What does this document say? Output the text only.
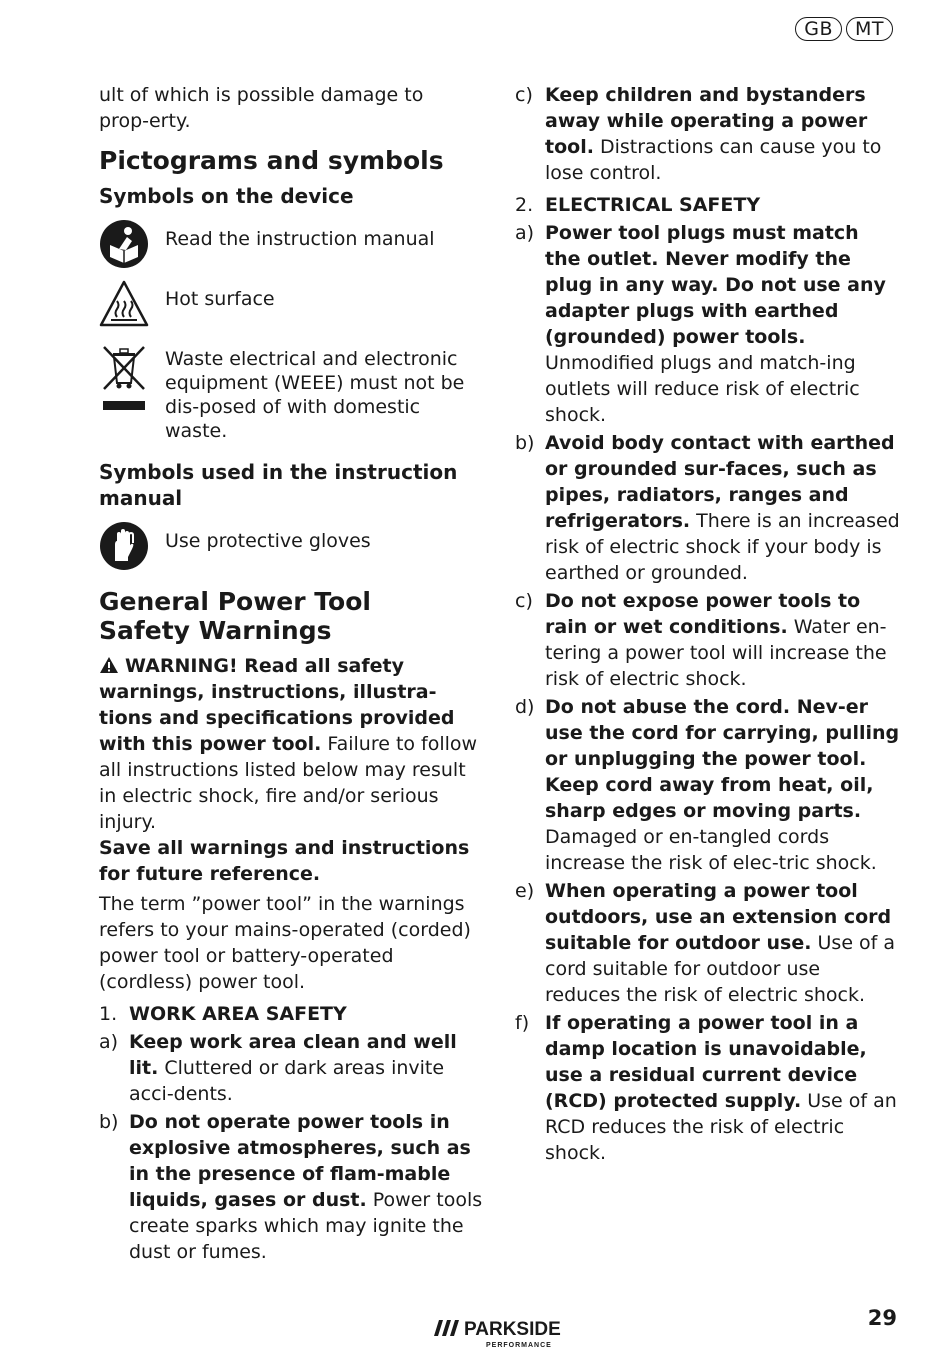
GB	MT

ult of which is possible damage to prop-erty.

Pictograms and symbols
Symbols on the device
Read the instruction manual
Hot surface
Waste electrical and electronic equipment (WEEE) must not be dis-posed of with domestic waste.
Symbols used in the instruction manual
Use protective gloves
General Power Tool Safety Warnings

WARNING! Read all safety warnings, instructions, illustra-tions and specifications provided with this power tool. Failure to follow all instructions listed below may result in electric shock, fire and/or serious injury.

Save all warnings and instructions for future reference.

The term ”power tool” in the warnings refers to your mains-operated (corded) power tool or battery-operated (cordless) power tool.

1. WORK AREA SAFETY
a) Keep work area clean and well lit. Cluttered or dark areas invite acci-dents.
b) Do not operate power tools in explosive atmospheres, such as in the presence of flam-mable liquids, gases or dust. Power tools create sparks which may ignite the dust or fumes.
c) Keep children and bystanders away while operating a power tool. Distractions can cause you to lose control.
2. ELECTRICAL SAFETY
a) Power tool plugs must match the outlet. Never modify the plug in any way. Do not use any adapter plugs with earthed (grounded) power tools. Unmodified plugs and match-ing outlets will reduce risk of electric shock.
b) Avoid body contact with earthed or grounded sur-faces, such as pipes, radiators, ranges and refrigerators. There is an increased risk of electric shock if your body is earthed or grounded.
c) Do not expose power tools to rain or wet conditions. Water en-tering a power tool will increase the risk of electric shock.
d) Do not abuse the cord. Nev-er use the cord for carrying, pulling or unplugging the power tool. Keep cord away from heat, oil, sharp edges or moving parts. Damaged or en-tangled cords increase the risk of elec-tric shock.
e) When operating a power tool outdoors, use an extension cord suitable for outdoor use. Use of a cord suitable for outdoor use reduces the risk of electric shock.
f) If operating a power tool in a damp location is unavoidable, use a residual current device (RCD) protected supply. Use of an RCD reduces the risk of electric shock.
PARKSIDE
PERFORMANCE
29
